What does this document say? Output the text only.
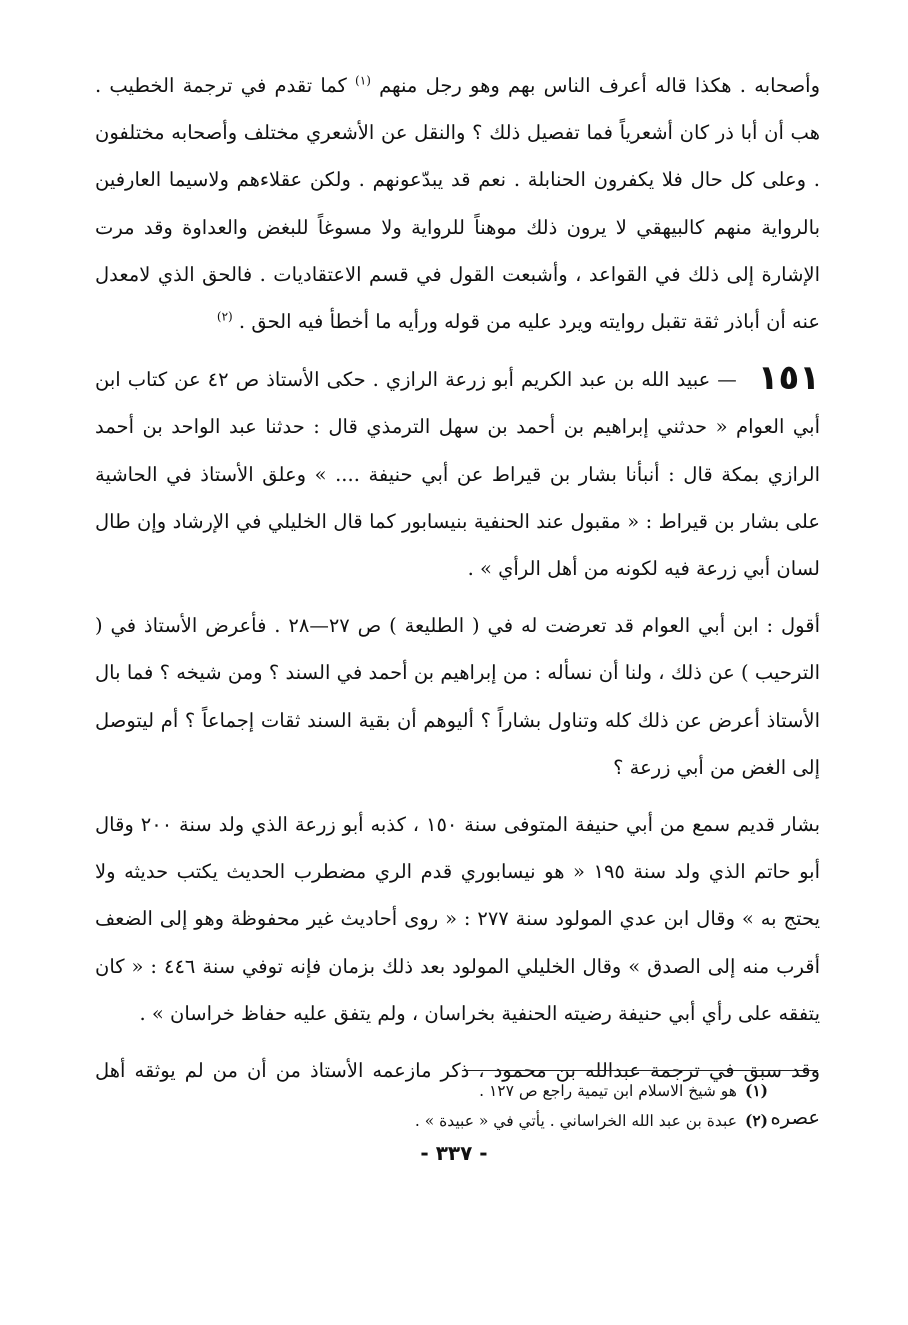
وأصحابه . هكذا قاله أعرف الناس بهم وهو رجل منهم $^{(١)}$ كما تقدم في ترجمة الخطيب . هب أن أبا ذر كان أشعرياً فما تفصيل ذلك ؟ والنقل عن الأشعري مختلف وأصحابه مختلفون . وعلى كل حال فلا يكفرون الحنابلة . نعم قد يبدّعونهم . ولكن عقلاءهم ولاسيما العارفين بالرواية منهم كالبيهقي لا يرون ذلك موهناً للرواية ولا مسوغاً للبغض والعداوة وقد مرت الإشارة إلى ذلك في القواعد ، وأشبعت القول في قسم الاعتقاديات . فالحق الذي لامعدل عنه أن أباذر ثقة تقبل روايته ويرد عليه من قوله ورأيه ما أخطأ فيه الحق . $^{(٢)}$

١٥١ — عبيد الله بن عبد الكريم أبو زرعة الرازي . حكى الأستاذ ص ٤٢ عن كتاب ابن أبي العوام « حدثني إبراهيم بن أحمد بن سهل الترمذي قال : حدثنا عبد الواحد بن أحمد الرازي بمكة قال : أنبأنا بشار بن قيراط عن أبي حنيفة .... » وعلق الأستاذ في الحاشية على بشار بن قيراط : « مقبول عند الحنفية بنيسابور كما قال الخليلي في الإرشاد وإن طال لسان أبي زرعة فيه لكونه من أهل الرأي » .

أقول : ابن أبي العوام قد تعرضت له في ( الطليعة ) ص ٢٧—٢٨ . فأعرض الأستاذ في ( الترحيب ) عن ذلك ، ولنا أن نسأله : من إبراهيم بن أحمد في السند ؟ ومن شيخه ؟ فما بال الأستاذ أعرض عن ذلك كله وتناول بشاراً ؟ أليوهم أن بقية السند ثقات إجماعاً ؟ أم ليتوصل إلى الغض من أبي زرعة ؟

بشار قديم سمع من أبي حنيفة المتوفى سنة ١٥٠ ، كذبه أبو زرعة الذي ولد سنة ٢٠٠ وقال أبو حاتم الذي ولد سنة ١٩٥ « هو نيسابوري قدم الري مضطرب الحديث يكتب حديثه ولا يحتج به » وقال ابن عدي المولود سنة ٢٧٧ : « روى أحاديث غير محفوظة وهو إلى الضعف أقرب منه إلى الصدق » وقال الخليلي المولود بعد ذلك بزمان فإنه توفي سنة ٤٤٦ : « كان يتفقه على رأي أبي حنيفة رضيته الحنفية بخراسان ، ولم يتفق عليه حفاظ خراسان » .

وقد سبق في ترجمة عبدالله بن محمود ، ذكر مازعمه الأستاذ من أن من لم يوثقه أهل عصره

(١)هو شيخ الاسلام ابن تيمية راجع ص ١٢٧ .

(٢)عبدة بن عبد الله الخراساني . يأتي في « عبيدة » .

- ٣٣٧ -
